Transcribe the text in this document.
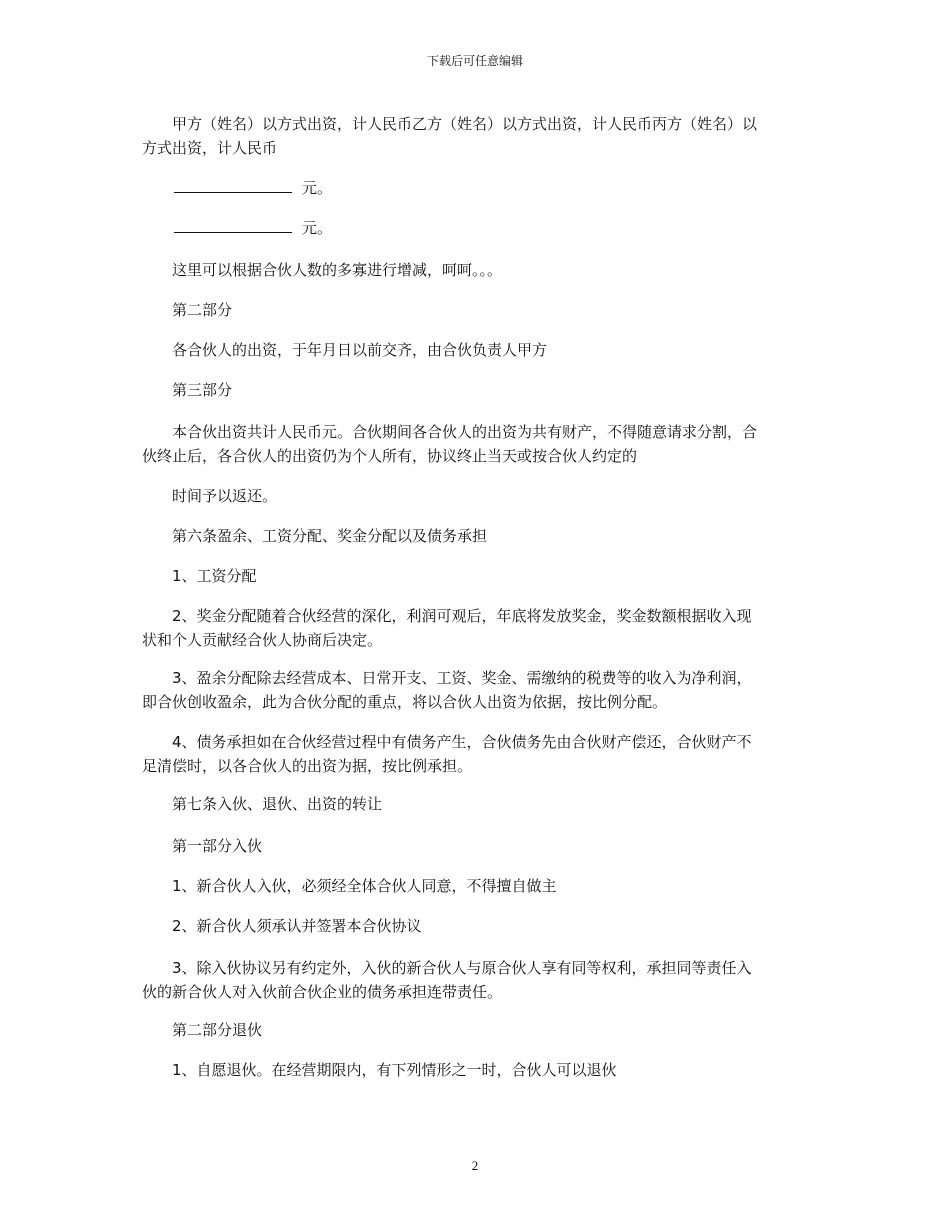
下载后可任意编辑
　　甲方（姓名）以方式出资，计人民币乙方（姓名）以方式出资，计人民币丙方（姓名）以
方式出资，计人民币
元。
元。
　　这里可以根据合伙人数的多寡进行增减，呵呵。。。
　　第二部分
　　各合伙人的出资，于年月日以前交齐，由合伙负责人甲方
　　第三部分
　　本合伙出资共计人民币元。合伙期间各合伙人的出资为共有财产，不得随意请求分割，合
伙终止后，各合伙人的出资仍为个人所有，协议终止当天或按合伙人约定的
　　时间予以返还。
　　第六条盈余、工资分配、奖金分配以及债务承担
　　1、工资分配
　　2、奖金分配随着合伙经营的深化，利润可观后，年底将发放奖金，奖金数额根据收入现
状和个人贡献经合伙人协商后决定。
　　3、盈余分配除去经营成本、日常开支、工资、奖金、需缴纳的税费等的收入为净利润，
即合伙创收盈余，此为合伙分配的重点，将以合伙人出资为依据，按比例分配。
　　4、债务承担如在合伙经营过程中有债务产生，合伙债务先由合伙财产偿还，合伙财产不
足清偿时，以各合伙人的出资为据，按比例承担。
　　第七条入伙、退伙、出资的转让
　　第一部分入伙
　　1、新合伙人入伙，必须经全体合伙人同意，不得擅自做主
　　2、新合伙人须承认并签署本合伙协议
　　3、除入伙协议另有约定外，入伙的新合伙人与原合伙人享有同等权利，承担同等责任入
伙的新合伙人对入伙前合伙企业的债务承担连带责任。
　　第二部分退伙
　　1、自愿退伙。在经营期限内，有下列情形之一时，合伙人可以退伙
2
